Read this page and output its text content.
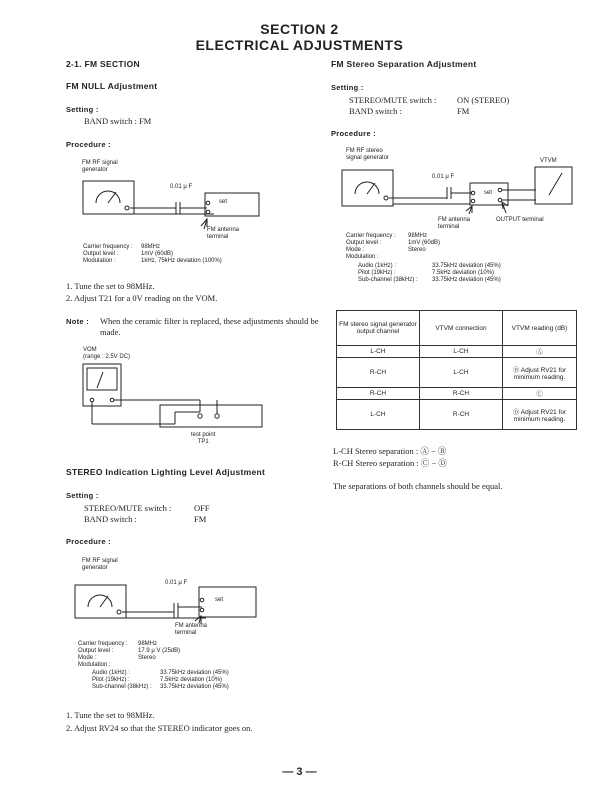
SECTION 2
ELECTRICAL ADJUSTMENTS
2-1. FM SECTION
FM NULL Adjustment
Setting :
BAND switch : FM
Procedure :
FM RF signal
generator
0.01 μ F
set
FM antenna
terminal
Carrier frequency :	98MHz
Output level :	1mV (60dB)
Modulation :	1kHz, 75kHz deviation (100%)
1. Tune the set to 98MHz.
2. Adjust T21 for a 0V reading on the VOM.
Note : When the ceramic filter is replaced, these adjustments should be made.
VOM
(range : 2.5V DC)
test point
TP1
STEREO Indication Lighting Level Adjustment
Setting :
STEREO/MUTE switch :	OFF
BAND switch :	FM
Procedure :
FM RF signal
generator
0.01 μ F
set
FM antenna
terminal
Carrier frequency :	98MHz
Output level :	17.9 μ V (25dB)
Mode :	Stereo
Modulation :
Audio (1kHz) :	33.75kHz deviation (45%)
Pilot (19kHz) :	7.5kHz deviation (10%)
Sub-channel (38kHz) :	33.75kHz deviation (45%)
1. Tune the set to 98MHz.
2. Adjust RV24 so that the STEREO indicator goes on.
FM Stereo Separation Adjustment
Setting :
STEREO/MUTE switch :	ON (STEREO)
BAND switch :	FM
Procedure :
FM RF stereo
signal generator	VTVM
0.01 μ F
set
FM antenna
terminal
OUTPUT terminal
Carrier frequency :	98MHz
Output level :	1mV (60dB)
Mode :	Stereo
Modulation :
Audio (1kHz) :	33.75kHz deviation (45%)
Pilot (19kHz) :	7.5kHz deviation (10%)
Sub-channel (38kHz) :	33.75kHz deviation (45%)
FM stereo signal generator output channel	VTVM connection	VTVM reading (dB)
L-CH	L-CH	Ⓐ
R-CH	L-CH	Ⓑ Adjust RV21 for minimum reading.
R-CH	R-CH	Ⓒ
L-CH	R-CH	Ⓓ Adjust RV21 for minimum reading.
L-CH Stereo separation : Ⓐ − Ⓑ
R-CH Stereo separation : Ⓒ − Ⓓ
The separations of both channels should be equal.
— 3 —
